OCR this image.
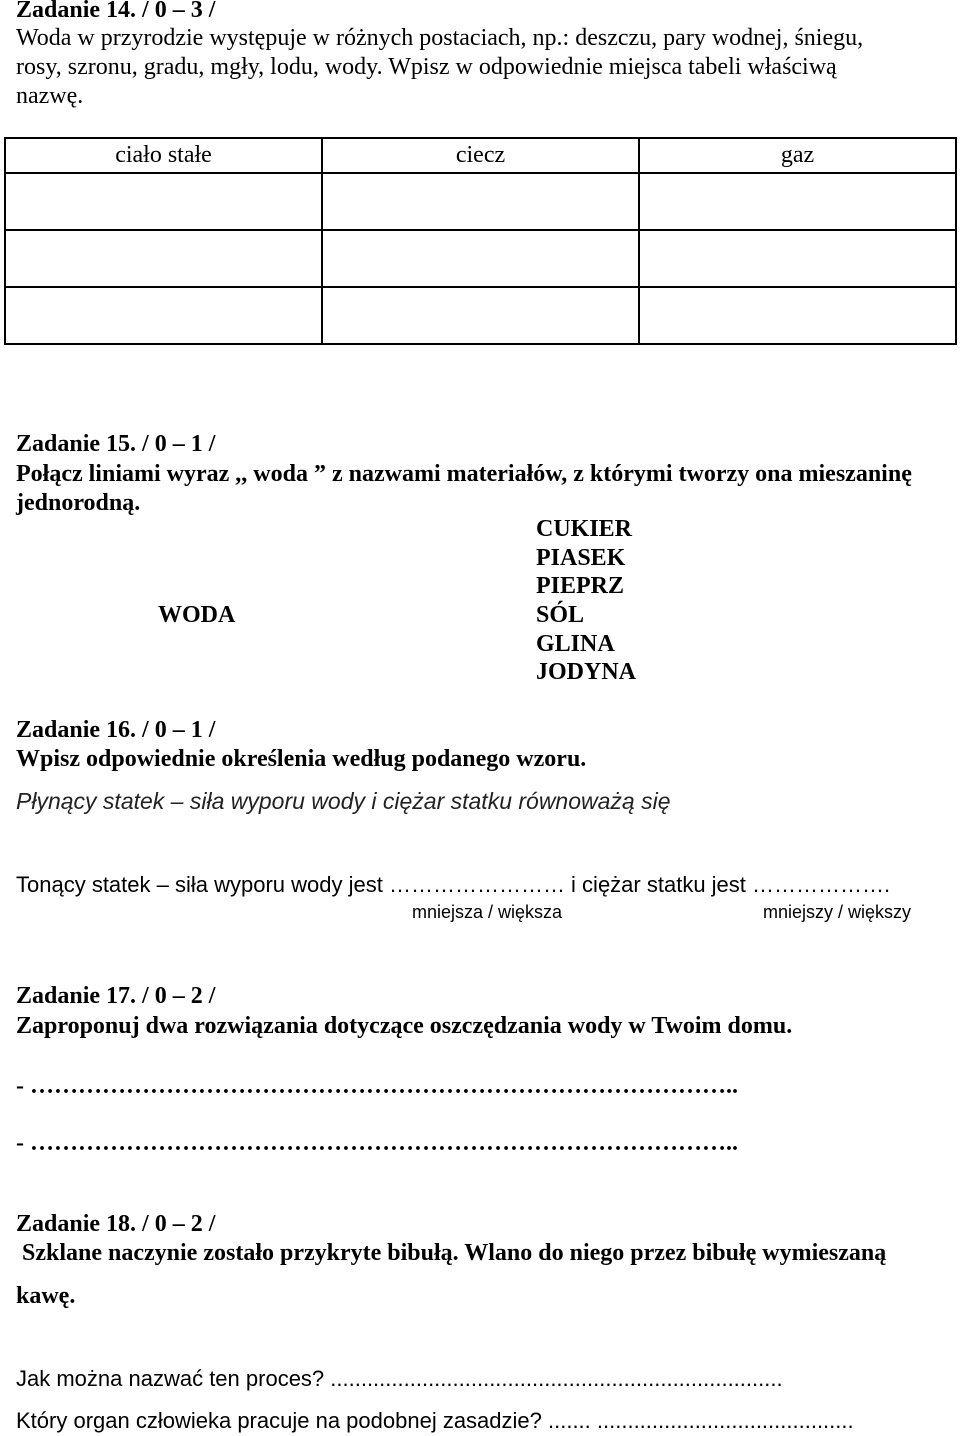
Zadanie 14. / 0 – 3 /
Woda w przyrodzie występuje w różnych postaciach, np.: deszczu, pary wodnej, śniegu,
rosy, szronu, gradu, mgły, lodu, wody. Wpisz w odpowiednie miejsca tabeli właściwą
nazwę.
ciało stałe	ciecz	gaz

Zadanie 15. / 0 – 1 /
Połącz liniami wyraz ,, woda ” z nazwami materiałów, z którymi tworzy ona mieszaninę
jednorodną.
WODA
CUKIER
PIASEK
PIEPRZ
SÓL
GLINA
JODYNA
Zadanie 16. / 0 – 1 /
Wpisz odpowiednie określenia według podanego wzoru.
Płynący statek – siła wyporu wody i ciężar statku równoważą się
Tonący statek – siła wyporu wody jest …………………… i ciężar statku jest ……………….
mniejsza / większa	mniejszy / większy
Zadanie 17. / 0 – 2 /
Zaproponuj dwa rozwiązania dotyczące oszczędzania wody w Twoim domu.
- ……………………………………………………………………………..
- ……………………………………………………………………………..
Zadanie 18. / 0 – 2 /
Szklane naczynie zostało przykryte bibułą. Wlano do niego przez bibułę wymieszaną
kawę.
Jak można nazwać ten proces? ..........................................................................
Który organ człowieka pracuje na podobnej zasadzie? ....... ..........................................
